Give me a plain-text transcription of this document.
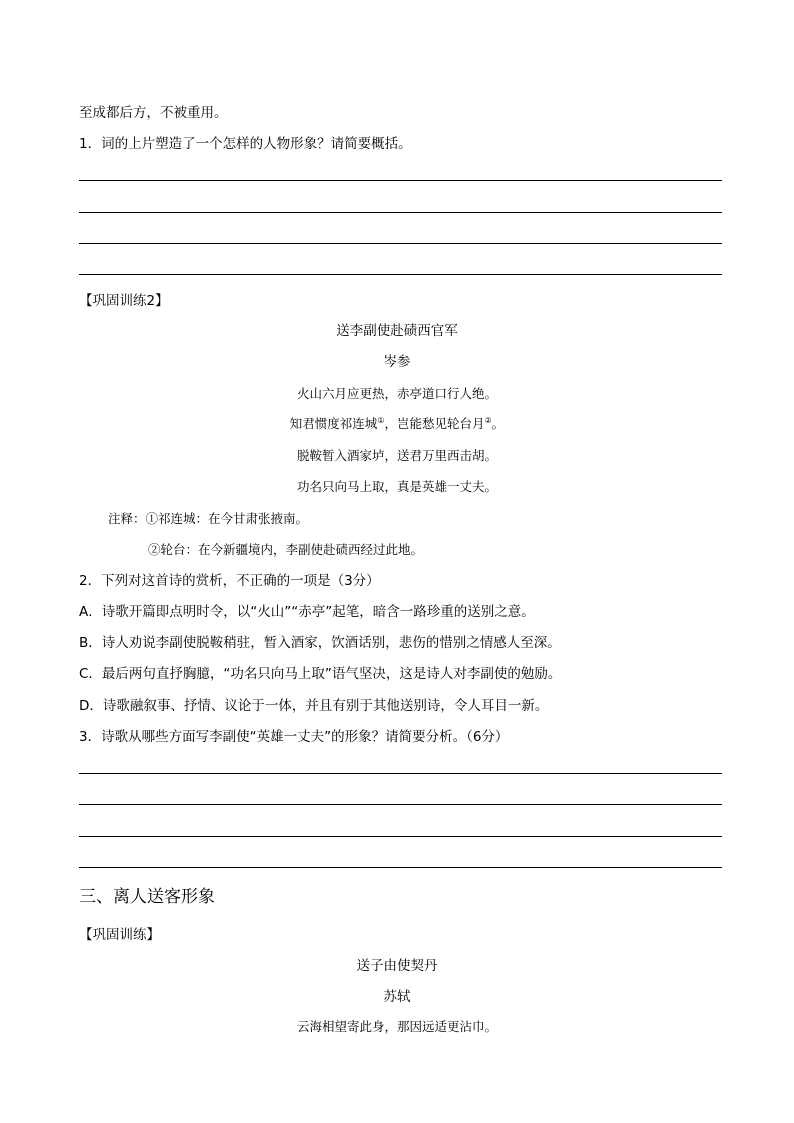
至成都后方，不被重用。
1．词的上片塑造了一个怎样的人物形象？请简要概括。
【巩固训练2】
送李副使赴碛西官军
岑参
火山六月应更热，赤亭道口行人绝。
知君惯度祁连城①，岂能愁见轮台月②。
脱鞍暂入酒家垆，送君万里西击胡。
功名只向马上取，真是英雄一丈夫。
注释：①祁连城：在今甘肃张掖南。
②轮台：在今新疆境内，李副使赴碛西经过此地。
2．下列对这首诗的赏析，不正确的一项是（3分）
A．诗歌开篇即点明时令，以“火山”“赤亭”起笔，暗含一路珍重的送别之意。
B．诗人劝说李副使脱鞍稍驻，暂入酒家，饮酒话别，悲伤的惜别之情感人至深。
C．最后两句直抒胸臆，“功名只向马上取”语气坚决，这是诗人对李副使的勉励。
D．诗歌融叙事、抒情、议论于一体，并且有别于其他送别诗，令人耳目一新。
3．诗歌从哪些方面写李副使“英雄一丈夫”的形象？请简要分析。（6分）
三、离人送客形象
【巩固训练】
送子由使契丹
苏轼
云海相望寄此身，那因远适更沾巾。
